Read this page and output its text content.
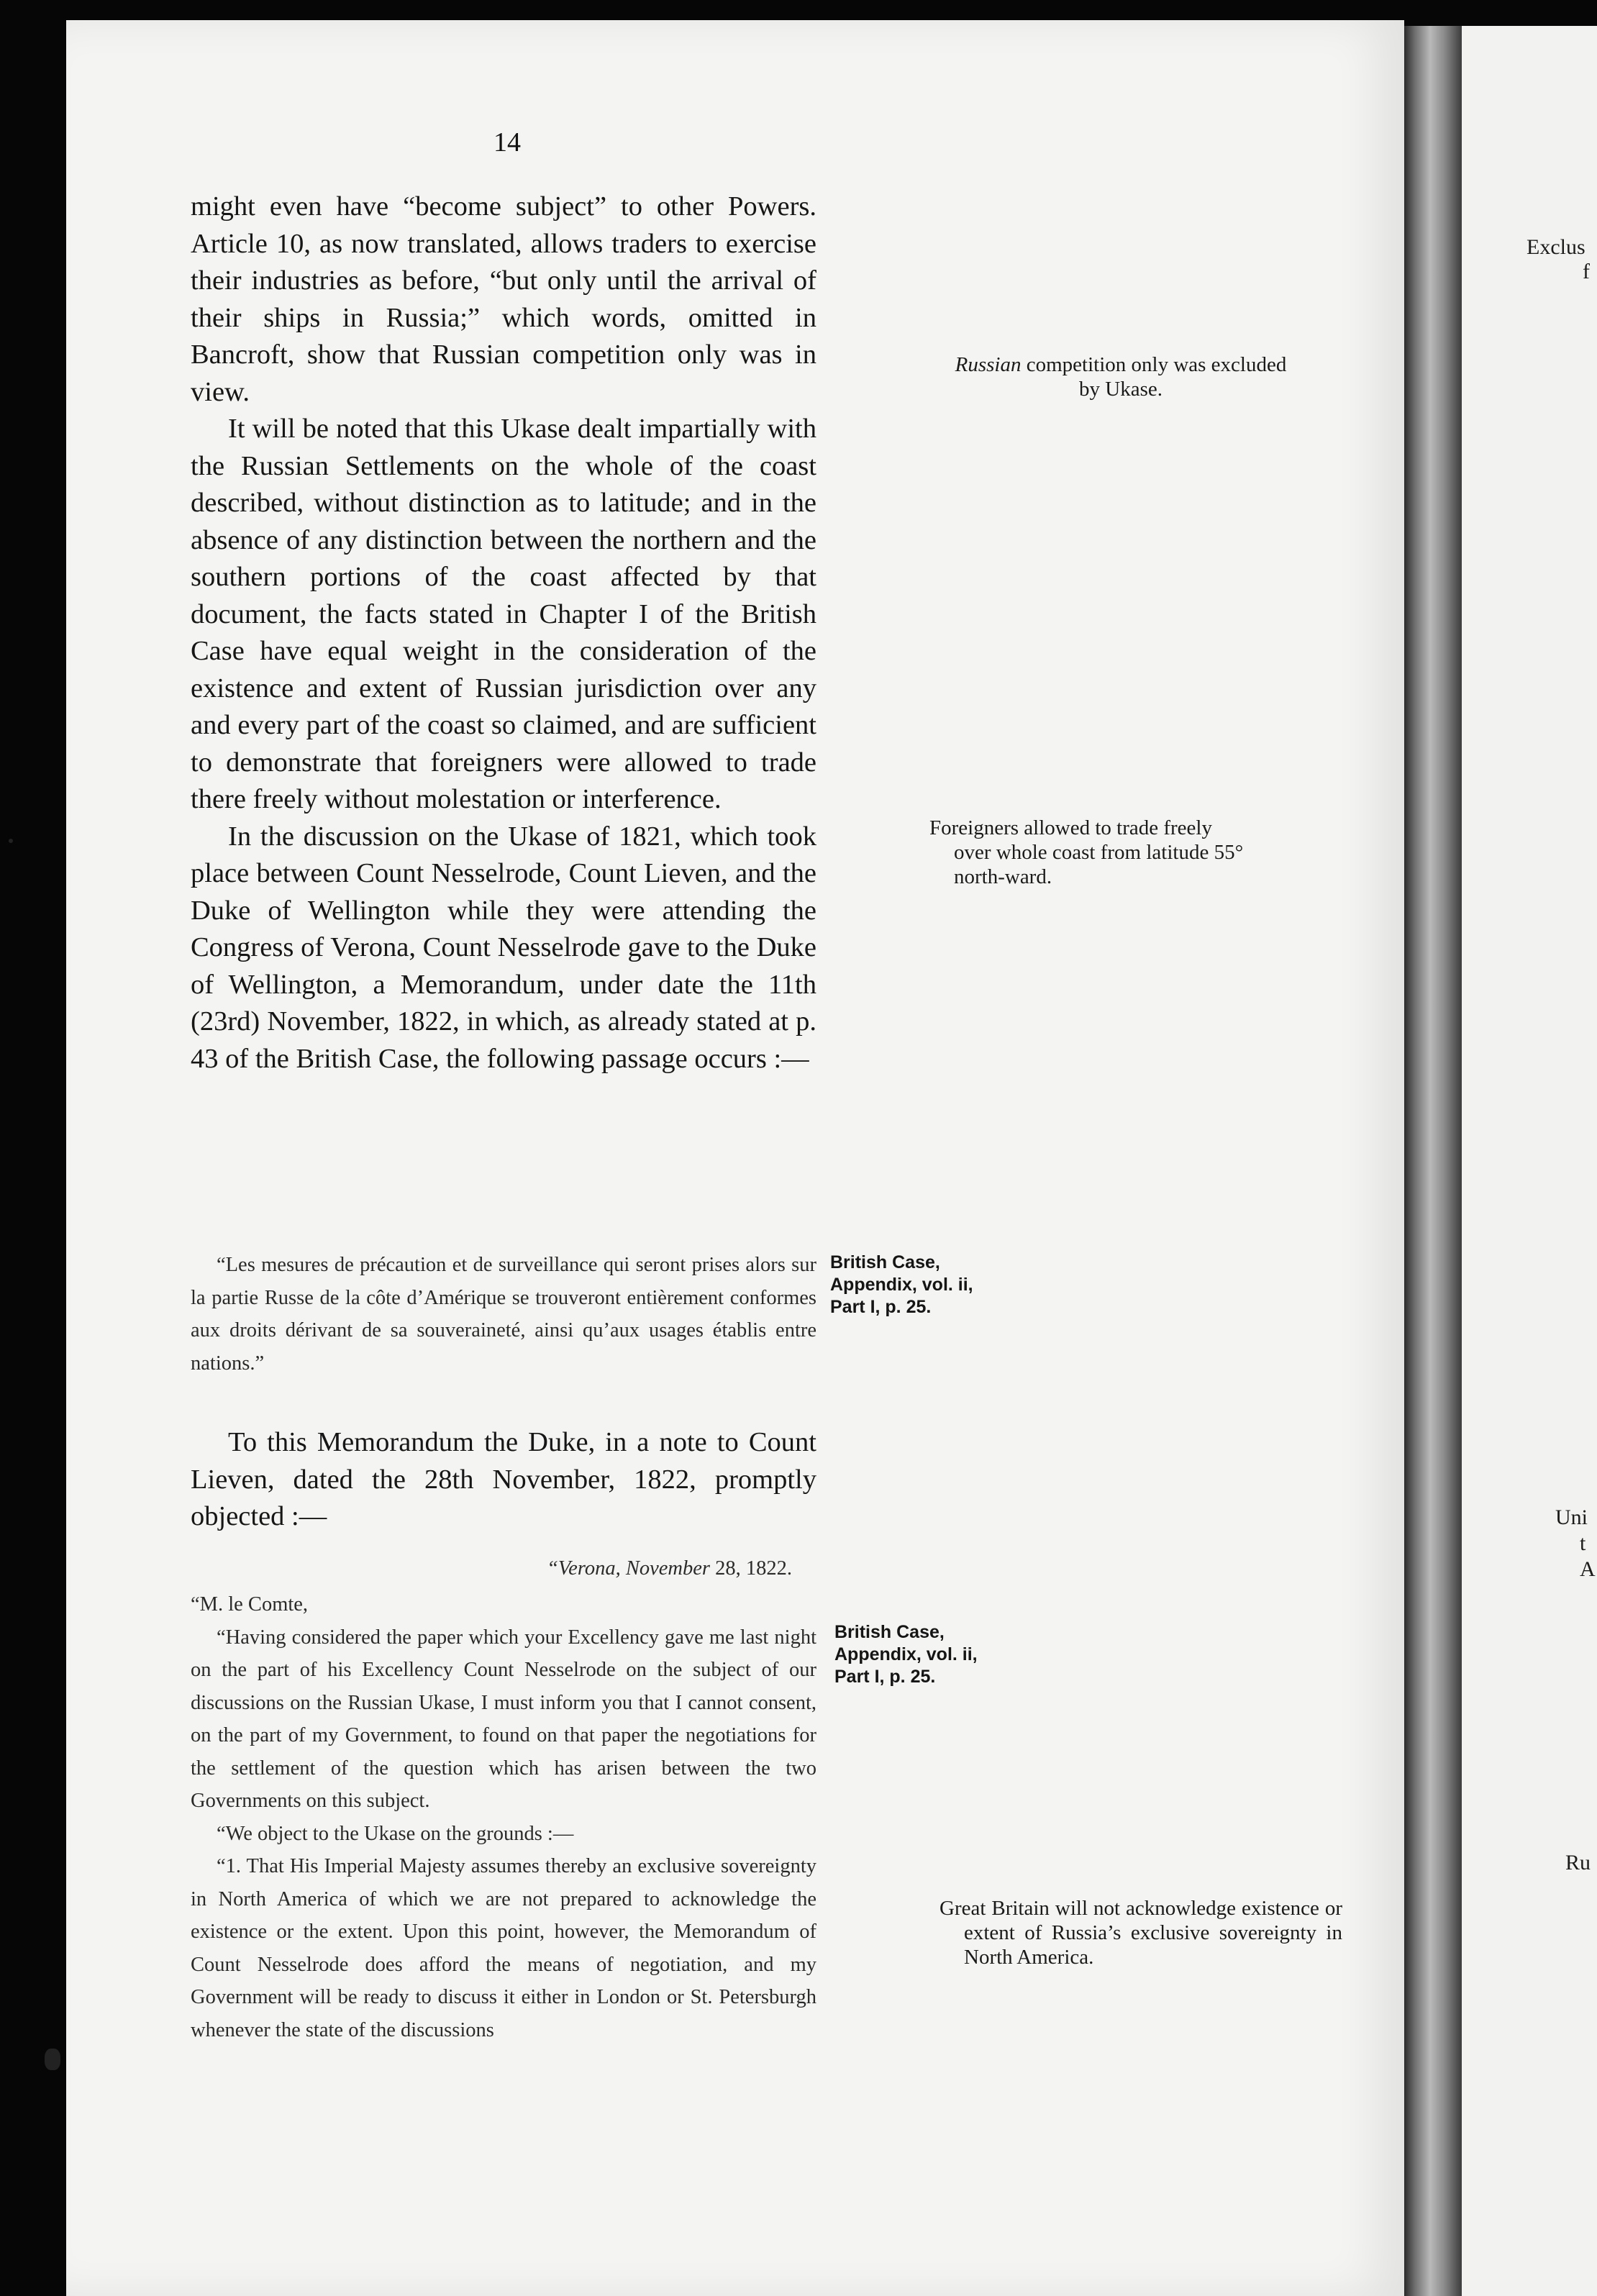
Exclus
f
Uni
t
A
Ru
14

might even have “become subject” to other Powers. Article 10, as now translated, allows traders to exercise their industries as before, “but only until the arrival of their ships in Russia;” which words, omitted in Bancroft, show that Russian competition only was in view.

It will be noted that this Ukase dealt impartially with the Russian Settlements on the whole of the coast described, without distinction as to latitude; and in the absence of any distinction between the northern and the southern portions of the coast affected by that document, the facts stated in Chapter I of the British Case have equal weight in the consideration of the existence and extent of Russian jurisdiction over any and every part of the coast so claimed, and are sufficient to demonstrate that foreigners were allowed to trade there freely without molestation or interference.

In the discussion on the Ukase of 1821, which took place between Count Nesselrode, Count Lieven, and the Duke of Wellington while they were attending the Congress of Verona, Count Nesselrode gave to the Duke of Wellington, a Memorandum, under date the 11th (23rd) November, 1822, in which, as already stated at p. 43 of the British Case, the following passage occurs :—

“Les mesures de précaution et de surveillance qui seront prises alors sur la partie Russe de la côte d’Amérique se trouveront entièrement conformes aux droits dérivant de sa souveraineté, ainsi qu’aux usages établis entre nations.”
To this Memorandum the Duke, in a note to Count Lieven, dated the 28th November, 1822, promptly objected :—
“Verona, November 28, 1822.

“M. le Comte,

“Having considered the paper which your Excellency gave me last night on the part of his Excellency Count Nesselrode on the subject of our discussions on the Russian Ukase, I must inform you that I cannot consent, on the part of my Government, to found on that paper the negotiations for the settlement of the question which has arisen between the two Governments on this subject.

“We object to the Ukase on the grounds :—

“1. That His Imperial Majesty assumes thereby an exclusive sovereignty in North America of which we are not prepared to acknowledge the existence or the extent. Upon this point, however, the Memorandum of Count Nesselrode does afford the means of negotiation, and my Government will be ready to discuss it either in London or St. Petersburgh whenever the state of the discussions

Russian competition only was excluded
by Ukase.
Foreigners allowed to trade freely
over whole coast from latitude 55°
north-ward.
Great Britain will not acknowledge existence or extent of Russia’s exclusive sovereignty in North America.
British Case,
Appendix, vol. ii,
Part I, p. 25.
British Case,
Appendix, vol. ii,
Part I, p. 25.
